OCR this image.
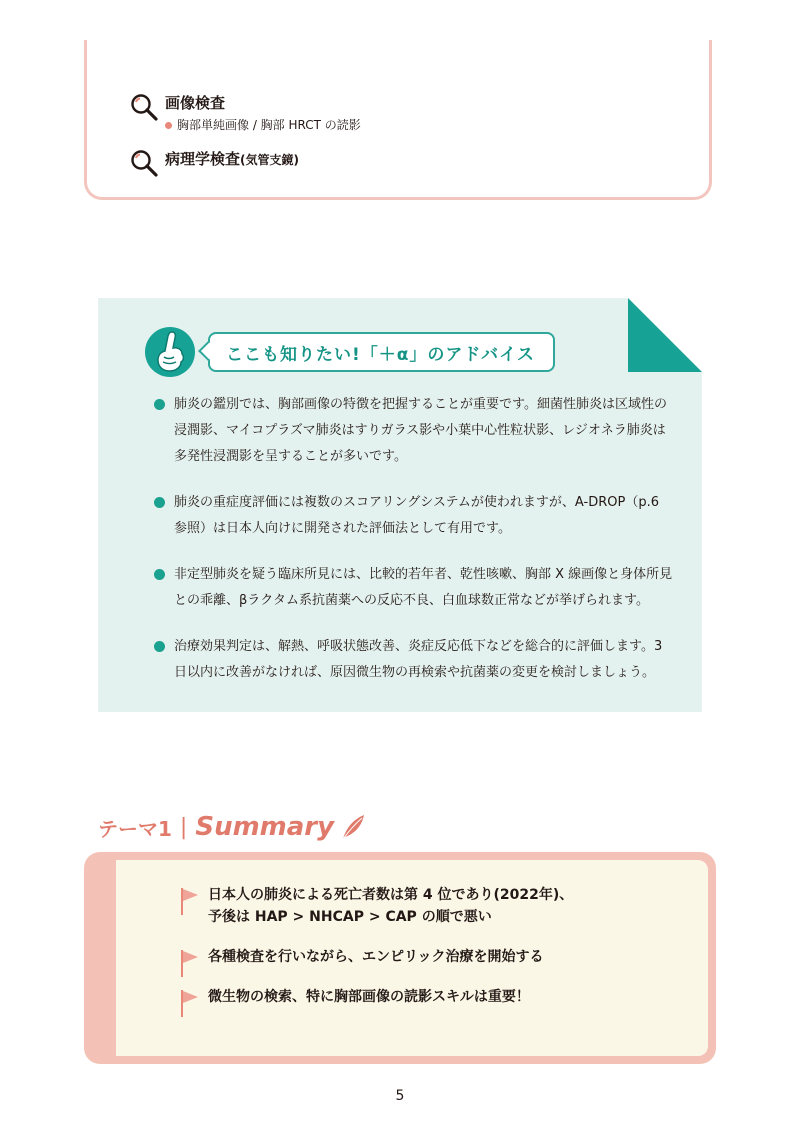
画像検査
胸部単純画像 / 胸部 HRCT の読影
病理学検査(気管支鏡)
ここも知りたい!「＋α」のアドバイス
肺炎の鑑別では、胸部画像の特徴を把握することが重要です。細菌性肺炎は区域性の浸潤影、マイコプラズマ肺炎はすりガラス影や小葉中心性粒状影、レジオネラ肺炎は多発性浸潤影を呈することが多いです。
肺炎の重症度評価には複数のスコアリングシステムが使われますが、A-DROP（p.6 参照）は日本人向けに開発された評価法として有用です。
非定型肺炎を疑う臨床所見には、比較的若年者、乾性咳嗽、胸部 X 線画像と身体所見との乖離、βラクタム系抗菌薬への反応不良、白血球数正常などが挙げられます。
治療効果判定は、解熱、呼吸状態改善、炎症反応低下などを総合的に評価します。3 日以内に改善がなければ、原因微生物の再検索や抗菌薬の変更を検討しましょう。
テーマ1 | Summary
日本人の肺炎による死亡者数は第 4 位であり(2022年)、
予後は HAP > NHCAP > CAP の順で悪い
各種検査を行いながら、エンピリック治療を開始する
微生物の検索、特に胸部画像の読影スキルは重要！
5
